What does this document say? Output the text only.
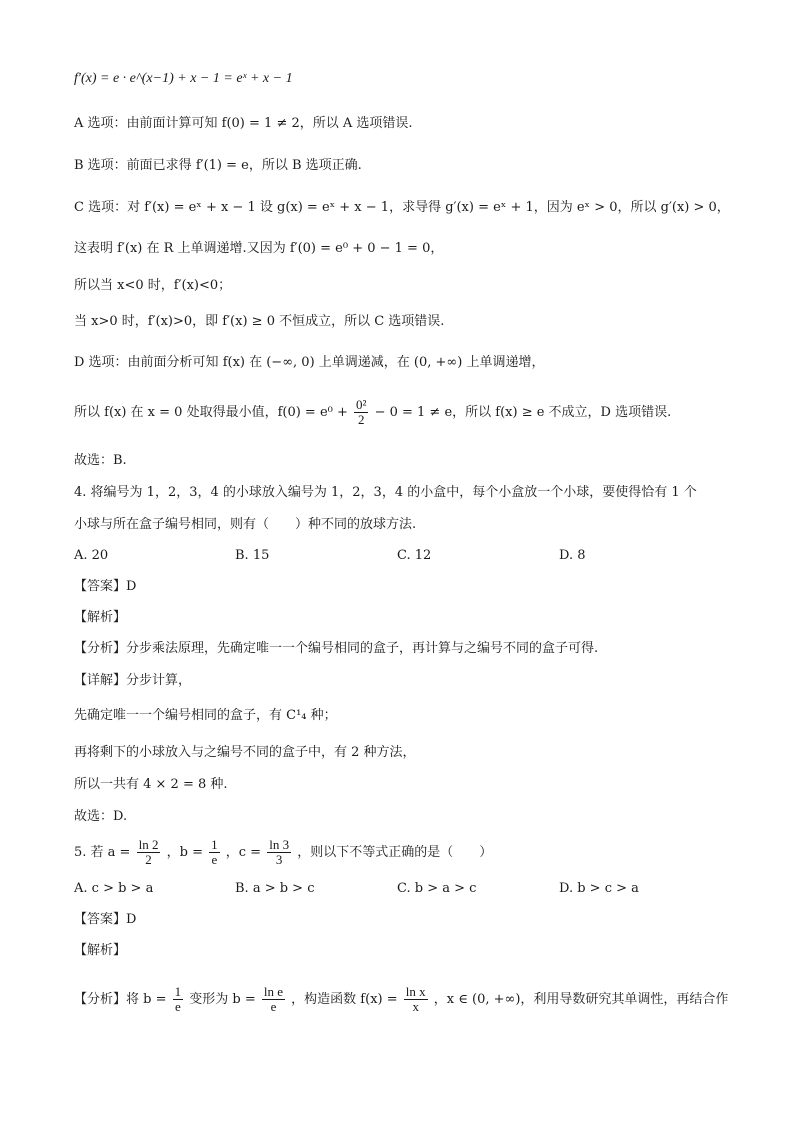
f′(x) = e · e^(x−1) + x − 1 = eˣ + x − 1
A 选项：由前面计算可知 f(0) = 1 ≠ 2，所以 A 选项错误.
B 选项：前面已求得 f′(1) = e，所以 B 选项正确.
C 选项：对 f′(x) = eˣ + x − 1 设 g(x) = eˣ + x − 1，求导得 g′(x) = eˣ + 1，因为 eˣ > 0，所以 g′(x) > 0，
这表明 f′(x) 在 R 上单调递增.又因为 f′(0) = e⁰ + 0 − 1 = 0，
所以当 x<0 时，f′(x)<0；
当 x>0 时，f′(x)>0，即 f′(x) ≥ 0 不恒成立，所以 C 选项错误.
D 选项：由前面分析可知 f(x) 在 (−∞, 0) 上单调递减，在 (0, +∞) 上单调递增，
所以 f(x) 在 x = 0 处取得最小值，$f(0) = e^0 + \frac{\text{0²}}{2} - 0 = 1 \ne e$，所以 f(x) ≥ e 不成立，D 选项错误.
故选：B.
4. 将编号为 1，2，3，4 的小球放入编号为 1，2，3，4 的小盒中，每个小盒放一个小球，要使得恰有 1 个
小球与所在盒子编号相同，则有（　　）种不同的放球方法.
A. 20	B. 15	C. 12	D. 8
【答案】D
【解析】
【分析】分步乘法原理，先确定唯一一个编号相同的盒子，再计算与之编号不同的盒子可得.
【详解】分步计算，
先确定唯一一个编号相同的盒子，有 C¹₄ 种；
再将剩下的小球放入与之编号不同的盒子中，有 2 种方法，
所以一共有 4 × 2 = 8 种.
故选：D.
5. 若 $a = \frac{\ln 2}{2}$ ，$b = \frac{1}{e}$ ，$c = \frac{\ln 3}{3}$ ，则以下不等式正确的是（　　）
A. c > b > a	B. a > b > c	C. b > a > c	D. b > c > a
【答案】D
【解析】
【分析】将 $b = \frac{1}{e}$ 变形为 $b = \frac{\text{ln e}}{e}$ ，构造函数 $f(x) = \frac{\text{ln x}}{x}$ ，x ∈ (0, +∞)，利用导数研究其单调性，再结合作
